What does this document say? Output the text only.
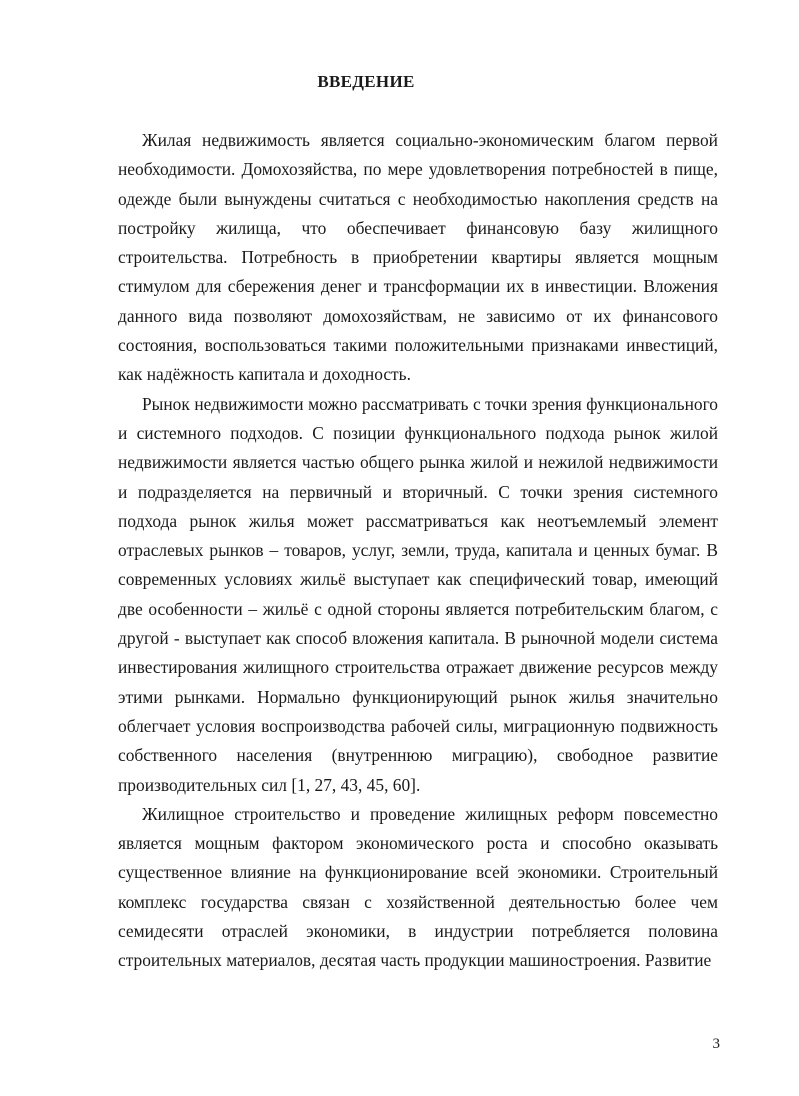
ВВЕДЕНИЕ

Жилая недвижимость является социально-экономическим благом первой необходимости. Домохозяйства, по мере удовлетворения потребностей в пище, одежде были вынуждены считаться с необходимостью накопления средств на постройку жилища, что обеспечивает финансовую базу жилищного строительства. Потребность в приобретении квартиры является мощным стимулом для сбережения денег и трансформации их в инвестиции. Вложения данного вида позволяют домохозяйствам, не зависимо от их финансового состояния, воспользоваться такими положительными признаками инвестиций, как надёжность капитала и доходность.

Рынок недвижимости можно рассматривать с точки зрения функционального и системного подходов. С позиции функционального подхода рынок жилой недвижимости является частью общего рынка жилой и нежилой недвижимости и подразделяется на первичный и вторичный. С точки зрения системного подхода рынок жилья может рассматриваться как неотъемлемый элемент отраслевых рынков – товаров, услуг, земли, труда, капитала и ценных бумаг. В современных условиях жильё выступает как специфический товар, имеющий две особенности – жильё с одной стороны является потребительским благом, с другой - выступает как способ вложения капитала. В рыночной модели система инвестирования жилищного строительства отражает движение ресурсов между этими рынками. Нормально функционирующий рынок жилья значительно облегчает условия воспроизводства рабочей силы, миграционную подвижность собственного населения (внутреннюю миграцию), свободное развитие производительных сил [1, 27, 43, 45, 60].

Жилищное строительство и проведение жилищных реформ повсеместно является мощным фактором экономического роста и способно оказывать существенное влияние на функционирование всей экономики. Строительный комплекс государства связан с хозяйственной деятельностью более чем семидесяти отраслей экономики, в индустрии потребляется половина строительных материалов, десятая часть продукции машиностроения. Развитие

3
